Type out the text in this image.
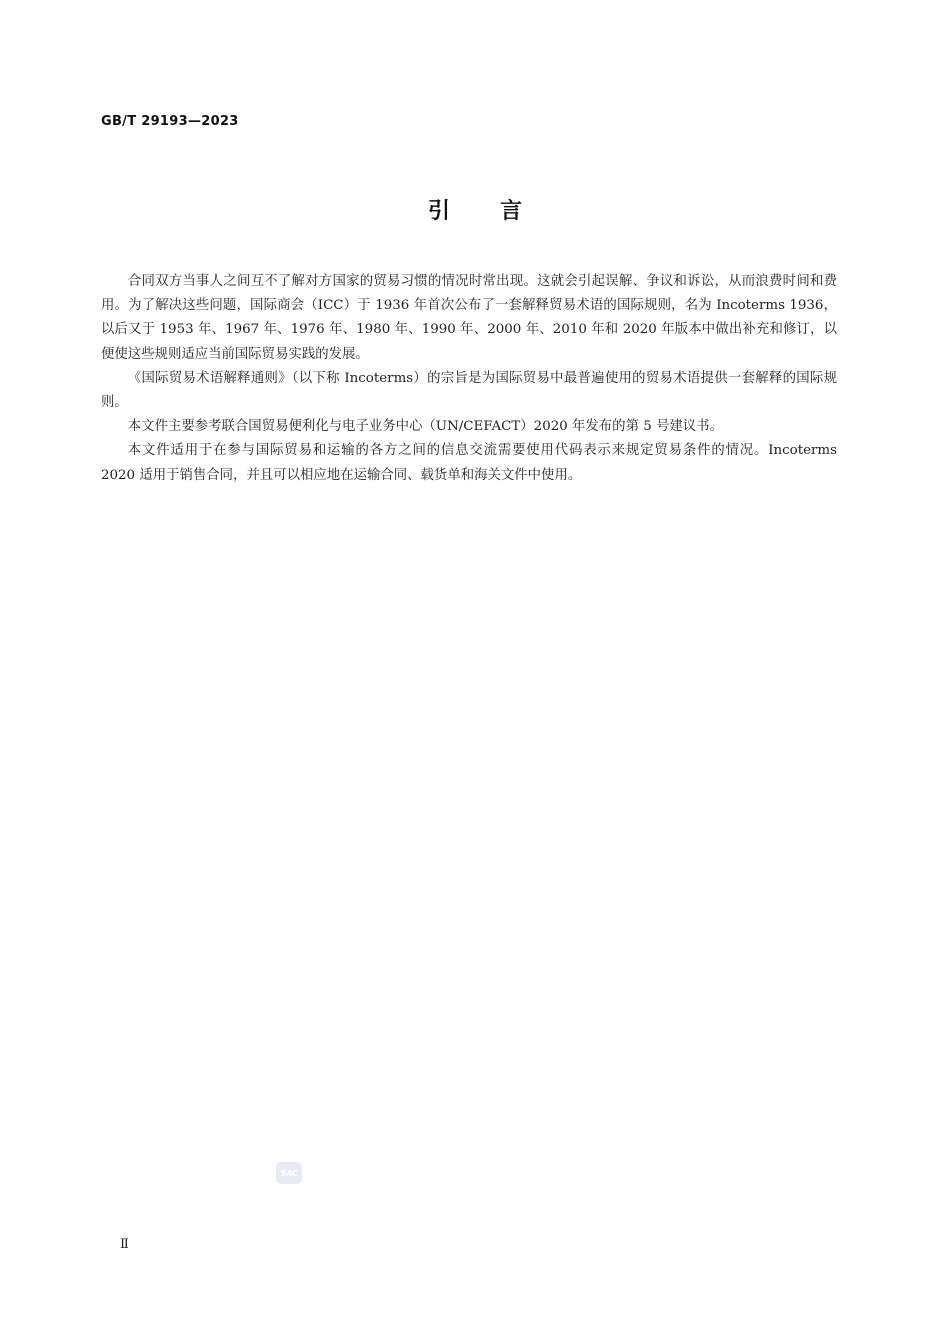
GB/T 29193—2023
引言

合同双方当事人之间互不了解对方国家的贸易习惯的情况时常出现。这就会引起误解、争议和诉讼，从而浪费时间和费用。为了解决这些问题，国际商会（ICC）于 1936 年首次公布了一套解释贸易术语的国际规则，名为 Incoterms 1936，以后又于 1953 年、1967 年、1976 年、1980 年、1990 年、2000 年、2010 年和 2020 年版本中做出补充和修订，以便使这些规则适应当前国际贸易实践的发展。

《国际贸易术语解释通则》（以下称 Incoterms）的宗旨是为国际贸易中最普遍使用的贸易术语提供一套解释的国际规则。

本文件主要参考联合国贸易便利化与电子业务中心（UN/CEFACT）2020 年发布的第 5 号建议书。

本文件适用于在参与国际贸易和运输的各方之间的信息交流需要使用代码表示来规定贸易条件的情况。Incoterms 2020 适用于销售合同，并且可以相应地在运输合同、载货单和海关文件中使用。

SAC
Ⅱ
